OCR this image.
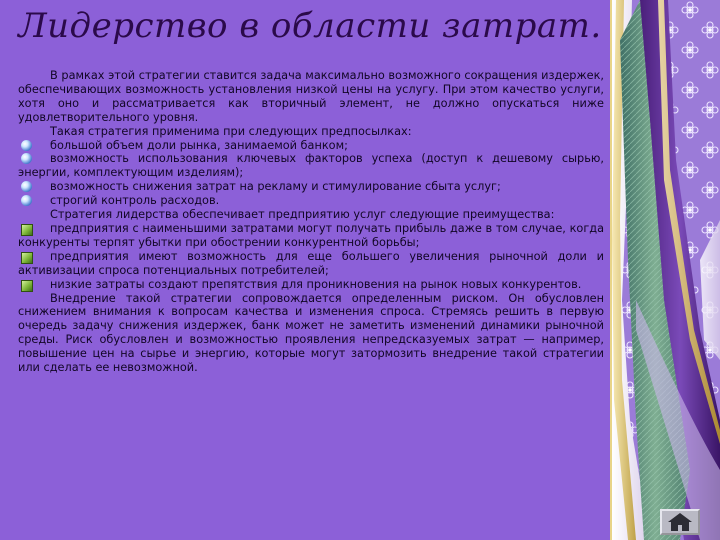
Лидерство в области затрат.

В рамках этой стратегии ставится задача максимально возможного сокращения издержек, обеспечивающих возможность установления низкой цены на услугу. При этом качество услуги, хотя оно и рассматривается как вторичный элемент, не должно опускаться ниже удовлетворительного уровня.

Такая стратегия применима при следующих предпосылках:

большой объем доли рынка, занимаемой банком;

возможность использования ключевых факторов успеха (доступ к дешевому сырью, энергии, комплектующим изделиям);

возможность снижения затрат на рекламу и стимулирование сбыта услуг;

строгий контроль расходов.

Стратегия лидерства обеспечивает предприятию услуг следующие преимущества:

предприятия с наименьшими затратами могут получать прибыль даже в том случае, когда конкуренты терпят убытки при обострении конкурентной борьбы;

предприятия имеют возможность для еще большего увеличения рыночной доли и активизации спроса потенциальных потребителей;

низкие затраты создают препятствия для проникновения на рынок новых конкурентов.

Внедрение такой стратегии сопровождается определенным риском. Он обусловлен снижением внимания к вопросам качества и изменения спроса. Стремясь решить в первую очередь задачу снижения издержек, банк может не заметить изменений динамики рыночной среды. Риск обусловлен и возможностью проявления непредсказуемых затрат — например, повышение цен на сырье и энергию, которые могут затормозить внедрение такой стратегии или сделать ее невозможной.
